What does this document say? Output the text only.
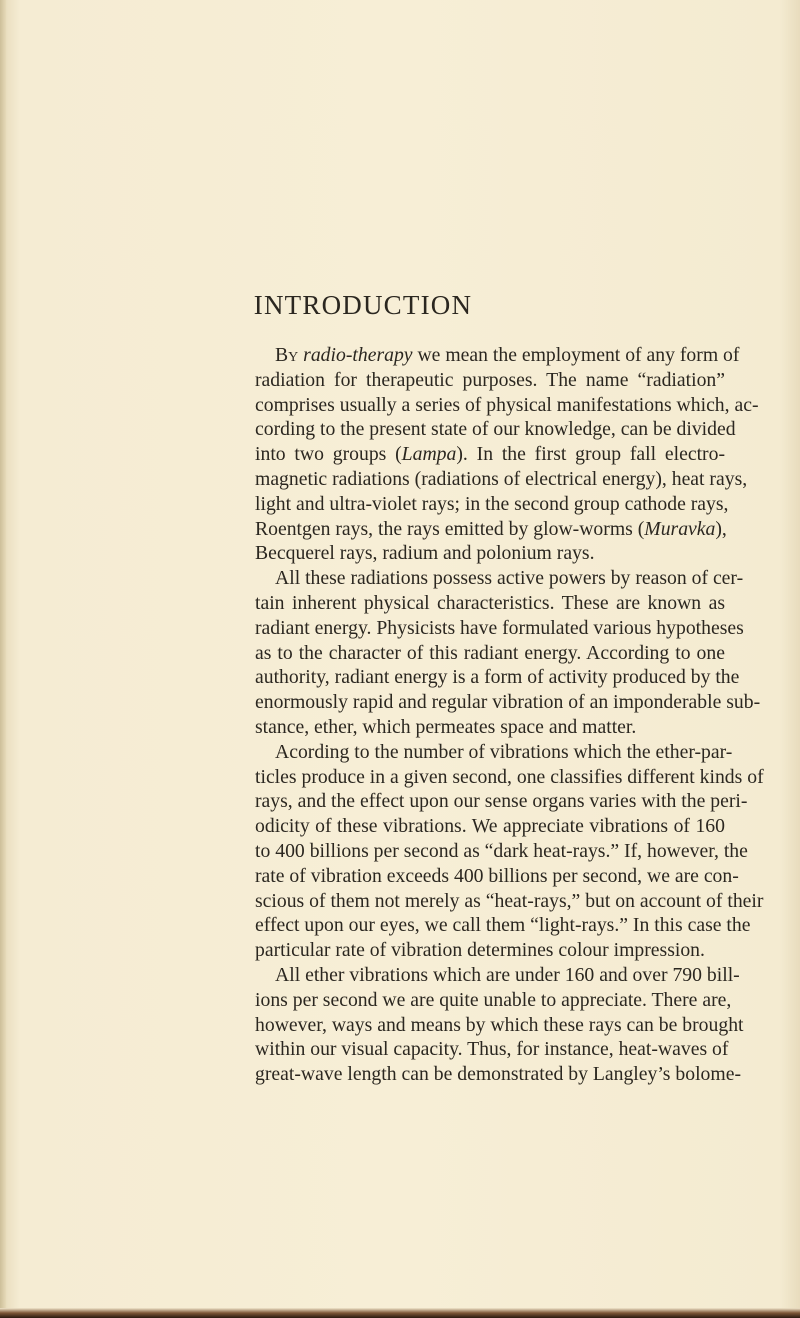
INTRODUCTION
By radio-therapy we mean the employment of any form of
radiation for therapeutic purposes. The name “radiation”
comprises usually a series of physical manifestations which, ac-
cording to the present state of our knowledge, can be divided
into two groups (Lampa). In the first group fall electro-
magnetic radiations (radiations of electrical energy), heat rays,
light and ultra-violet rays; in the second group cathode rays,
Roentgen rays, the rays emitted by glow-worms (Muravka),
Becquerel rays, radium and polonium rays.
All these radiations possess active powers by reason of cer-
tain inherent physical characteristics. These are known as
radiant energy. Physicists have formulated various hypotheses
as to the character of this radiant energy. According to one
authority, radiant energy is a form of activity produced by the
enormously rapid and regular vibration of an imponderable sub-
stance, ether, which permeates space and matter.
Acording to the number of vibrations which the ether-par-
ticles produce in a given second, one classifies different kinds of
rays, and the effect upon our sense organs varies with the peri-
odicity of these vibrations. We appreciate vibrations of 160
to 400 billions per second as “dark heat-rays.” If, however, the
rate of vibration exceeds 400 billions per second, we are con-
scious of them not merely as “heat-rays,” but on account of their
effect upon our eyes, we call them “light-rays.” In this case the
particular rate of vibration determines colour impression.
All ether vibrations which are under 160 and over 790 bill-
ions per second we are quite unable to appreciate. There are,
however, ways and means by which these rays can be brought
within our visual capacity. Thus, for instance, heat-waves of
great-wave length can be demonstrated by Langley’s bolome-
